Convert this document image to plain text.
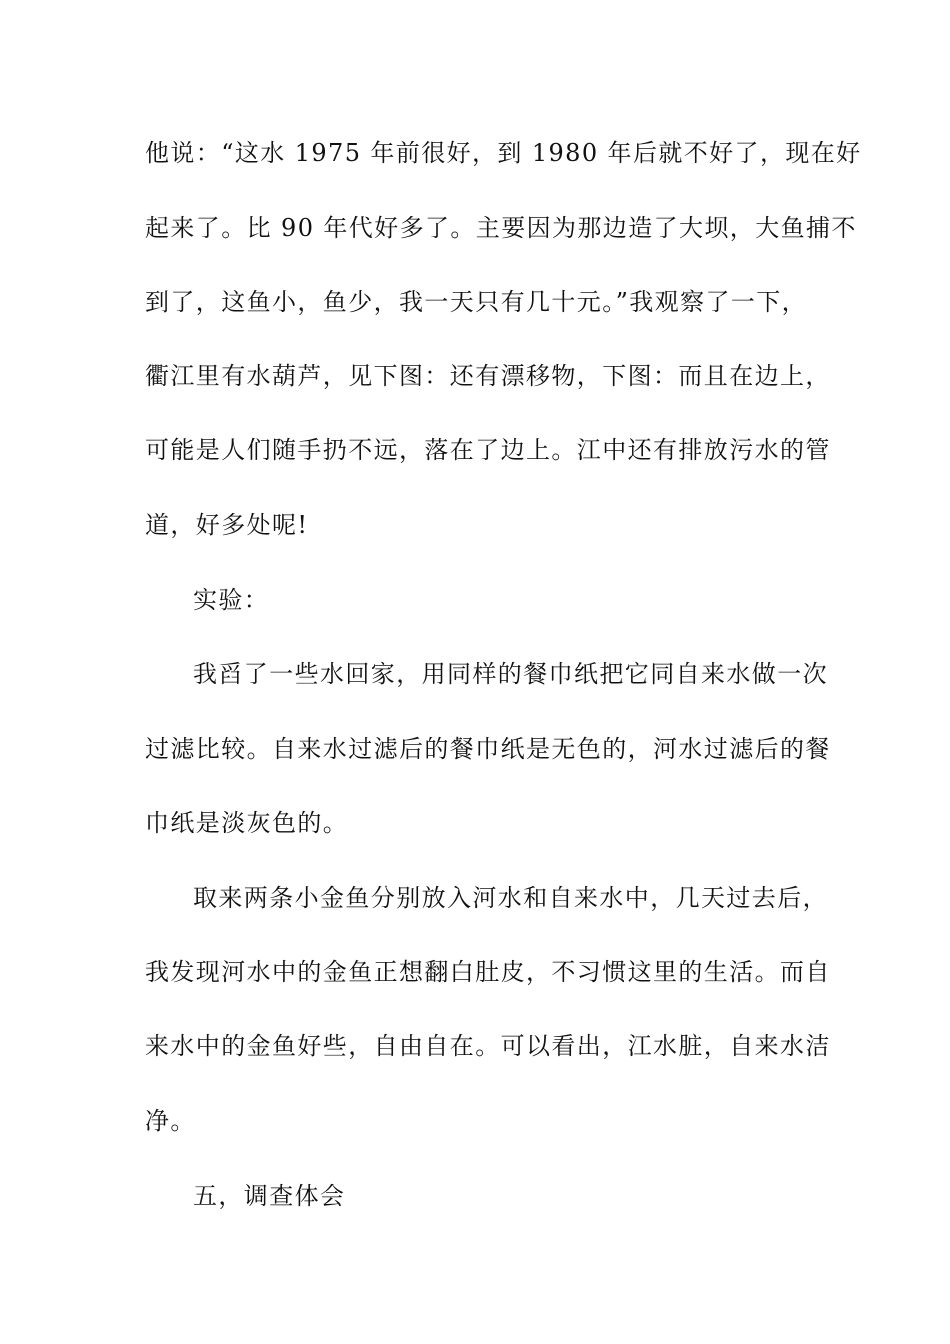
他说：“这水 1975 年前很好，到 1980 年后就不好了，现在好
起来了。比 90 年代好多了。主要因为那边造了大坝，大鱼捕不
到了，这鱼小，鱼少，我一天只有几十元。”我观察了一下，
衢江里有水葫芦，见下图：还有漂移物，下图：而且在边上，
可能是人们随手扔不远，落在了边上。江中还有排放污水的管
道，好多处呢!
实验：
我舀了一些水回家，用同样的餐巾纸把它同自来水做一次
过滤比较。自来水过滤后的餐巾纸是无色的，河水过滤后的餐
巾纸是淡灰色的。
取来两条小金鱼分别放入河水和自来水中，几天过去后，
我发现河水中的金鱼正想翻白肚皮，不习惯这里的生活。而自
来水中的金鱼好些，自由自在。可以看出，江水脏，自来水洁
净。
五，调查体会
